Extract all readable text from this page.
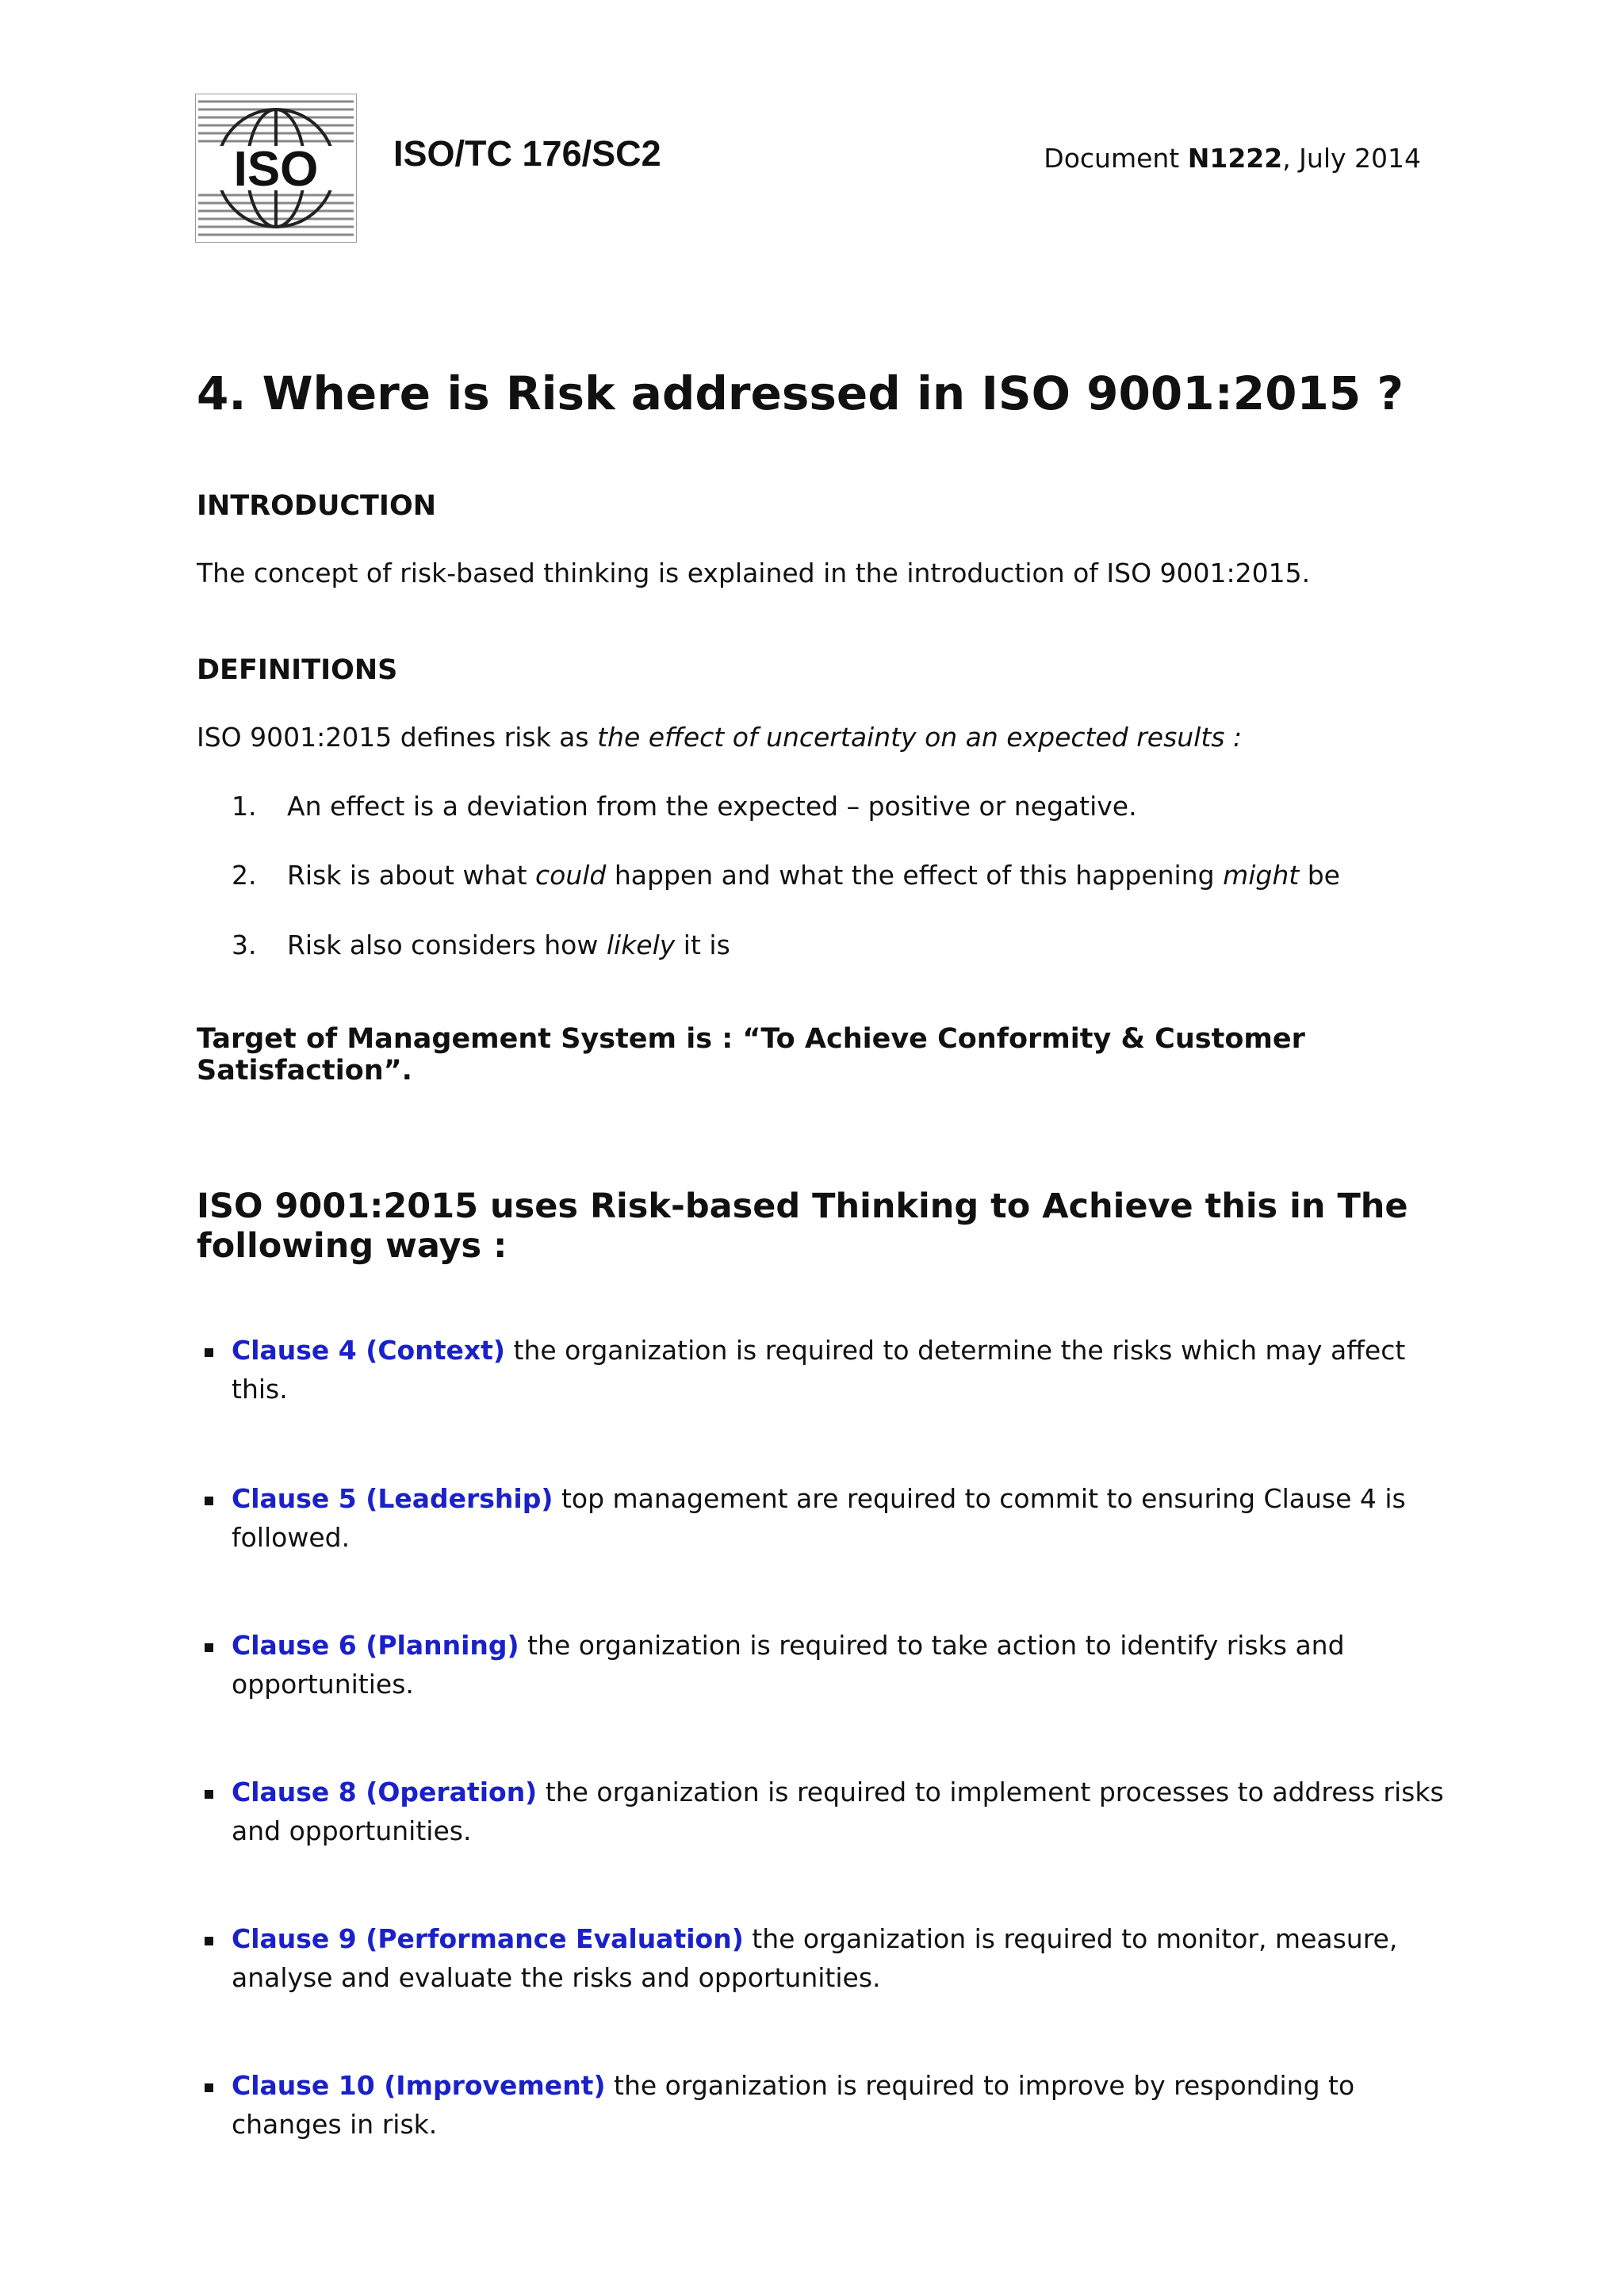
ISO ISO/TC 176/SC2	Document N1222, July 2014
4. Where is Risk addressed in ISO 9001:2015 ?
INTRODUCTION

The concept of risk-based thinking is explained in the introduction of ISO 9001:2015.

DEFINITIONS

ISO 9001:2015 defines risk as the effect of uncertainty on an expected results :

1. An effect is a deviation from the expected – positive or negative.
2. Risk is about what could happen and what the effect of this happening might be
3. Risk also considers how likely it is

Target of Management System is : “To Achieve Conformity & Customer Satisfaction”.

ISO 9001:2015 uses Risk-based Thinking to Achieve this in The following ways :
Clause 4 (Context) the organization is required to determine the risks which may affect this.
Clause 5 (Leadership) top management are required to commit to ensuring Clause 4 is followed.
Clause 6 (Planning) the organization is required to take action to identify risks and opportunities.
Clause 8 (Operation) the organization is required to implement processes to address risks and opportunities.
Clause 9 (Performance Evaluation) the organization is required to monitor, measure, analyse and evaluate the risks and opportunities.
Clause 10 (Improvement) the organization is required to improve by responding to changes in risk.
